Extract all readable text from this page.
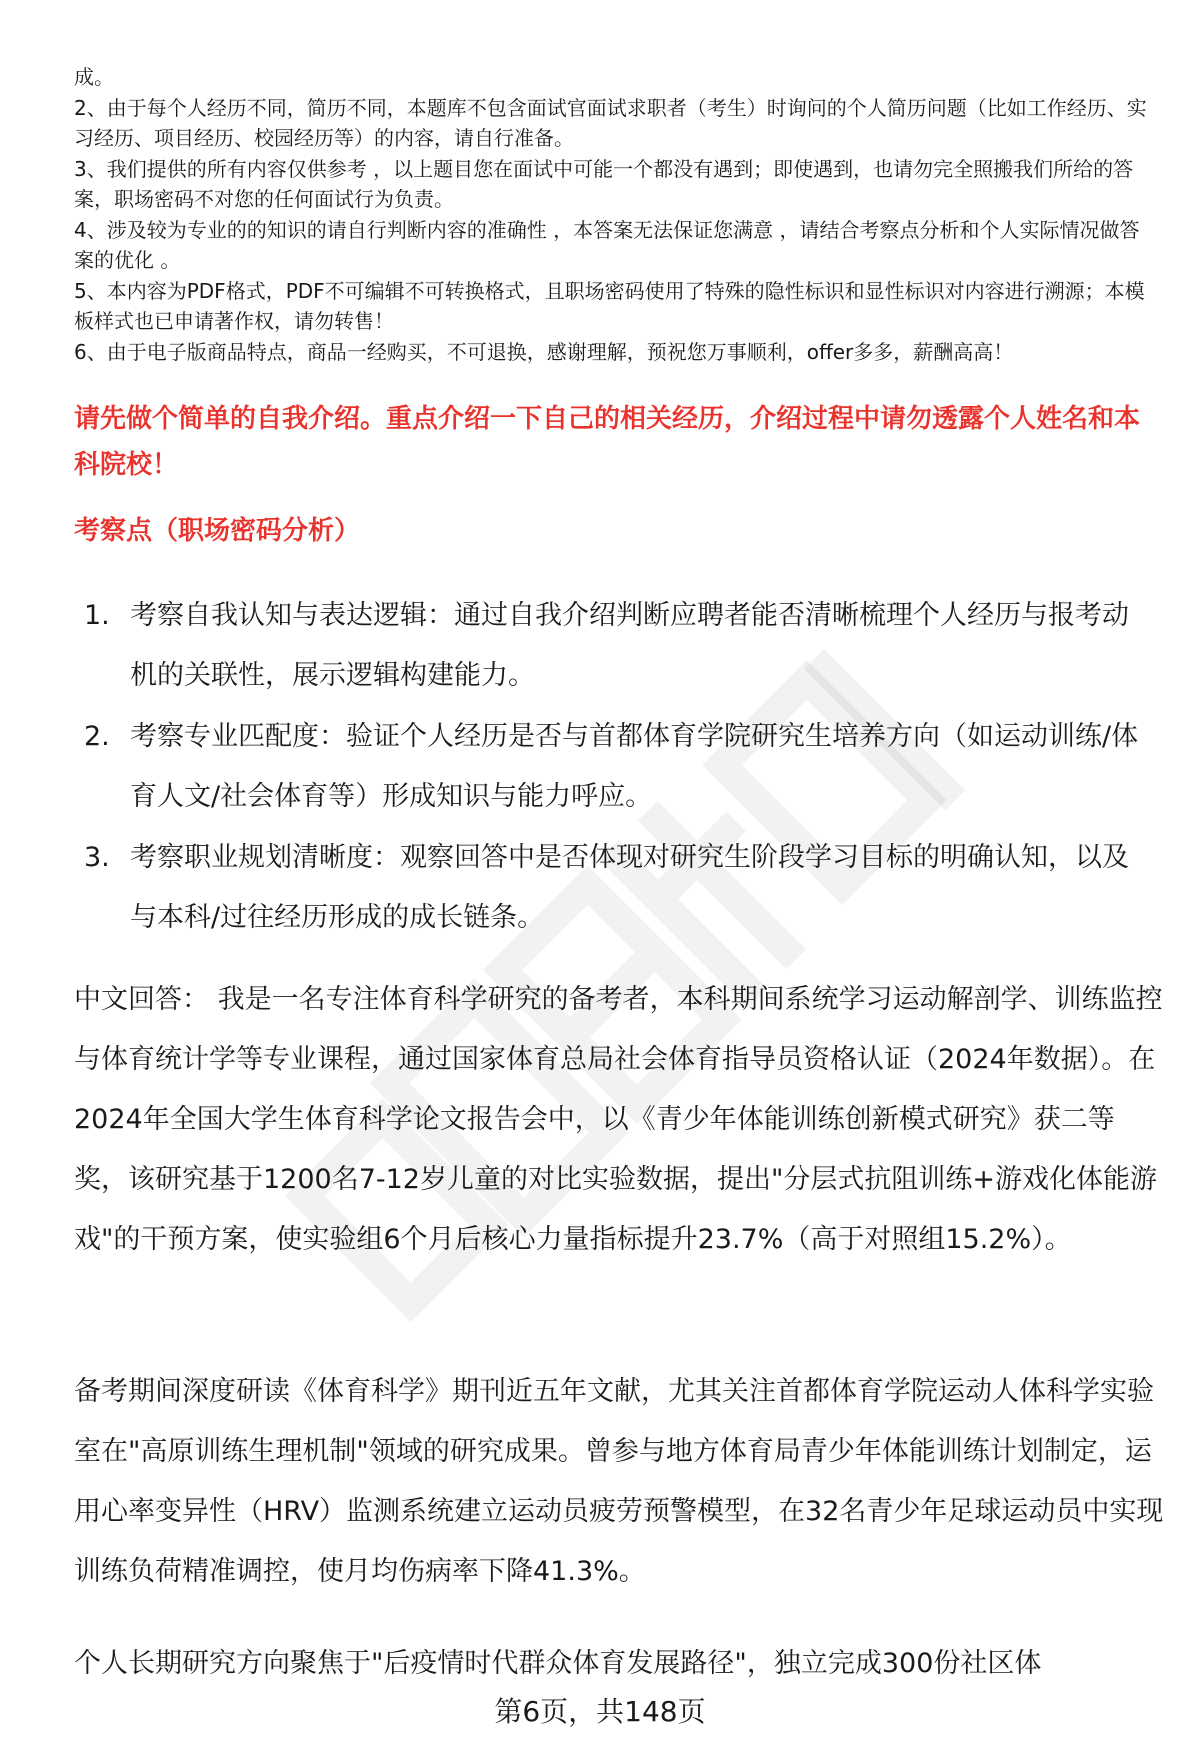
成。

2、由于每个人经历不同，简历不同，本题库不包含面试官面试求职者（考生）时询问的个人简历问题（比如工作经历、实习经历、项目经历、校园经历等）的内容，请自行准备。

3、我们提供的所有内容仅供参考 ，以上题目您在面试中可能一个都没有遇到；即使遇到，也请勿完全照搬我们所给的答案，职场密码不对您的任何面试行为负责。

4、涉及较为专业的的知识的请自行判断内容的准确性 ，本答案无法保证您满意 ，请结合考察点分析和个人实际情况做答案的优化 。

5、本内容为PDF格式，PDF不可编辑不可转换格式，且职场密码使用了特殊的隐性标识和显性标识对内容进行溯源；本模板样式也已申请著作权，请勿转售！

6、由于电子版商品特点，商品一经购买，不可退换，感谢理解，预祝您万事顺利，offer多多，薪酬高高！

请先做个简单的自我介绍。重点介绍一下自己的相关经历，介绍过程中请勿透露个人姓名和本科院校！
考察点（职场密码分析）
1. 考察自我认知与表达逻辑：通过自我介绍判断应聘者能否清晰梳理个人经历与报考动机的关联性，展示逻辑构建能力。
2. 考察专业匹配度：验证个人经历是否与首都体育学院研究生培养方向（如运动训练/体育人文/社会体育等）形成知识与能力呼应。
3. 考察职业规划清晰度：观察回答中是否体现对研究生阶段学习目标的明确认知，以及与本科/过往经历形成的成长链条。

中文回答： 我是一名专注体育科学研究的备考者，本科期间系统学习运动解剖学、训练监控与体育统计学等专业课程，通过国家体育总局社会体育指导员资格认证（2024年数据）。在2024年全国大学生体育科学论文报告会中，以《青少年体能训练创新模式研究》获二等奖，该研究基于1200名7-12岁儿童的对比实验数据，提出"分层式抗阻训练+游戏化体能游戏"的干预方案，使实验组6个月后核心力量指标提升23.7%（高于对照组15.2%）。

备考期间深度研读《体育科学》期刊近五年文献，尤其关注首都体育学院运动人体科学实验室在"高原训练生理机制"领域的研究成果。曾参与地方体育局青少年体能训练计划制定，运用心率变异性（HRV）监测系统建立运动员疲劳预警模型，在32名青少年足球运动员中实现训练负荷精准调控，使月均伤病率下降41.3%。

个人长期研究方向聚焦于"后疫情时代群众体育发展路径"，独立完成300份社区体

第6页，共148页
